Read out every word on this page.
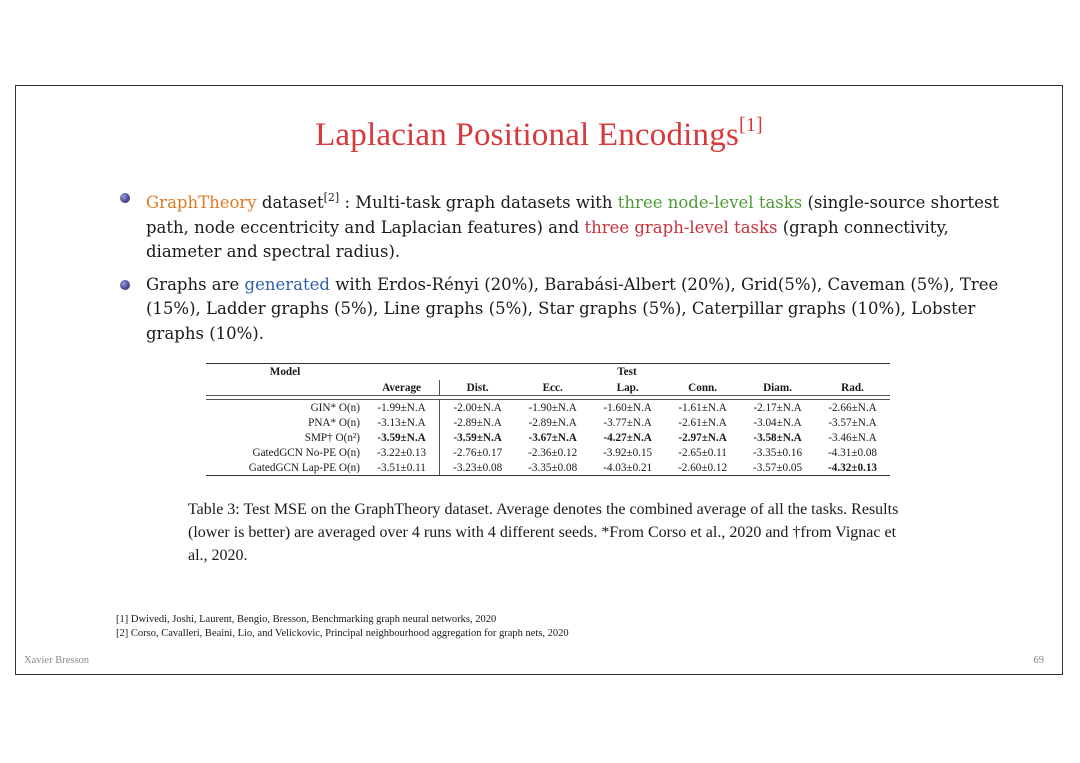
Laplacian Positional Encodings[1]
GraphTheory dataset[2] : Multi-task graph datasets with three node-level tasks (single-source shortest path, node eccentricity and Laplacian features) and three graph-level tasks (graph connectivity, diameter and spectral radius).
Graphs are generated with Erdos-Rényi (20%), Barabási-Albert (20%), Grid(5%), Caveman (5%), Tree (15%), Ladder graphs (5%), Line graphs (5%), Star graphs (5%), Caterpillar graphs (10%), Lobster graphs (10%).
Model	Test						
	Average	Dist.	Ecc.	Lap.	Conn.	Diam.	Rad.

GIN* O(n)	-1.99±N.A	-2.00±N.A	-1.90±N.A	-1.60±N.A	-1.61±N.A	-2.17±N.A	-2.66±N.A
PNA* O(n)	-3.13±N.A	-2.89±N.A	-2.89±N.A	-3.77±N.A	-2.61±N.A	-3.04±N.A	-3.57±N.A
SMP† O(n²)	-3.59±N.A	-3.59±N.A	-3.67±N.A	-4.27±N.A	-2.97±N.A	-3.58±N.A	-3.46±N.A
GatedGCN No-PE O(n)	-3.22±0.13	-2.76±0.17	-2.36±0.12	-3.92±0.15	-2.65±0.11	-3.35±0.16	-4.31±0.08
GatedGCN Lap-PE O(n)	-3.51±0.11	-3.23±0.08	-3.35±0.08	-4.03±0.21	-2.60±0.12	-3.57±0.05	-4.32±0.13
Table 3: Test MSE on the GraphTheory dataset. Average denotes the combined average of all the tasks. Results (lower is better) are averaged over 4 runs with 4 different seeds. *From Corso et al., 2020 and †from Vignac et al., 2020.
[1] Dwivedi, Joshi, Laurent, Bengio, Bresson, Benchmarking graph neural networks, 2020
[2] Corso, Cavalleri, Beaini, Lio, and Velickovic, Principal neighbourhood aggregation for graph nets, 2020
Xavier Bresson	69
